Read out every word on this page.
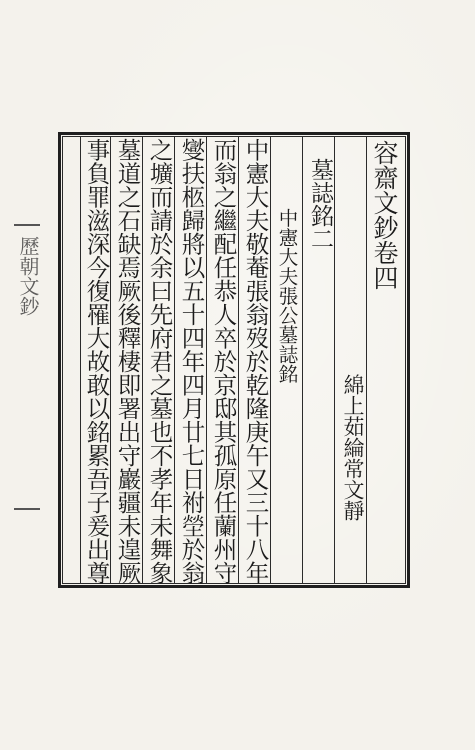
歷朝文鈔	容齋文鈔卷四
綿上茹綸常文靜
墓誌銘二
中憲大夫張公墓誌銘
中憲大夫敬菴張翁歿於乾隆庚午又三十八年
而翁之繼配任恭人卒於京邸其孤原任蘭州守
燮扶柩歸將以五十四年四月廿七日祔塋於翁
之壙而請於余曰先府君之墓也不孝年未舞象
墓道之石缺焉厥後釋棲即署出守巖疆未遑厥
事負罪滋深今復罹大故敢以銘累吾子爰出尊
